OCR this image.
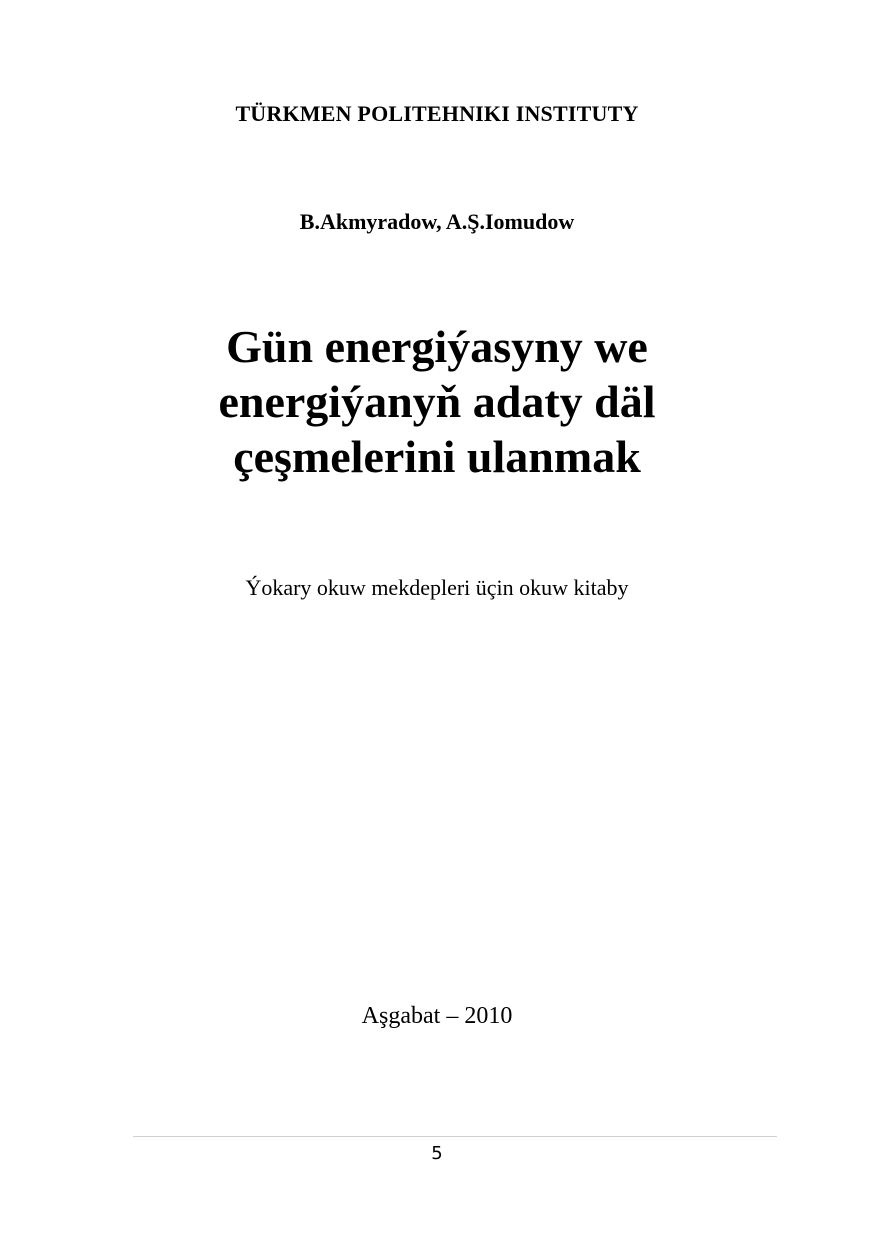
TÜRKMEN POLITEHNIKI INSTITUTY

B.Akmyradow, A.Ş.Iomudow

Gün energiýasyny we
energiýanyň adaty däl
çeşmelerini ulanmak

Ýokary okuw mekdepleri üçin okuw kitaby

Aşgabat – 2010

5
